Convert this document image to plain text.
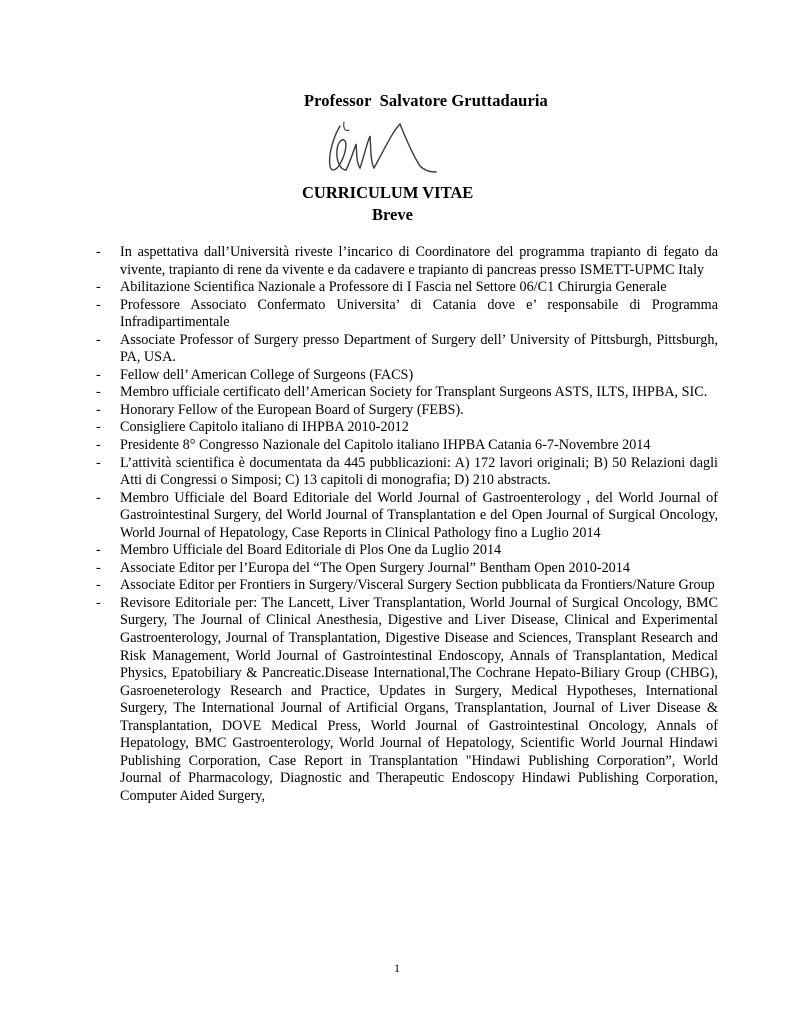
Professor  Salvatore Gruttadauria
CURRICULUM VITAE
Breve
- In aspettativa dall’Università riveste l’incarico di Coordinatore del programma trapianto di fegato da vivente, trapianto di rene da vivente e da cadavere e trapianto di pancreas presso ISMETT-UPMC Italy
- Abilitazione Scientifica Nazionale a Professore di I Fascia nel Settore 06/C1 Chirurgia Generale
- Professore Associato Confermato Universita’ di Catania dove e’ responsabile di Programma Infradipartimentale
- Associate Professor of Surgery presso Department of Surgery dell’ University of Pittsburgh, Pittsburgh, PA, USA.
- Fellow dell’ American College of Surgeons (FACS)
- Membro ufficiale certificato dell’American Society for Transplant Surgeons ASTS, ILTS, IHPBA, SIC.
- Honorary Fellow of the European Board of Surgery (FEBS).
- Consigliere Capitolo italiano di IHPBA 2010-2012
- Presidente 8° Congresso Nazionale del Capitolo italiano IHPBA Catania 6-7-Novembre 2014
- L’attività scientifica è documentata da 445 pubblicazioni: A) 172 lavori originali; B) 50 Relazioni dagli Atti di Congressi o Simposi; C) 13 capitoli di monografia; D) 210 abstracts.
- Membro Ufficiale del Board Editoriale del World Journal of Gastroenterology , del World Journal of Gastrointestinal Surgery, del World Journal of Transplantation e del Open Journal of Surgical Oncology, World Journal of Hepatology, Case Reports in Clinical Pathology fino a Luglio 2014
- Membro Ufficiale del Board Editoriale di Plos One da Luglio 2014
- Associate Editor per l’Europa del “The Open Surgery Journal” Bentham Open 2010-2014
- Associate Editor per Frontiers in Surgery/Visceral Surgery Section pubblicata da Frontiers/Nature Group
- Revisore Editoriale per: The Lancett, Liver Transplantation, World Journal of Surgical Oncology, BMC Surgery, The Journal of Clinical Anesthesia, Digestive and Liver Disease, Clinical and Experimental Gastroenterology, Journal of Transplantation, Digestive Disease and Sciences, Transplant Research and Risk Management, World Journal of Gastrointestinal Endoscopy, Annals of Transplantation, Medical Physics, Epatobiliary & Pancreatic.Disease International,The Cochrane Hepato-Biliary Group (CHBG), Gasroeneterology Research and Practice, Updates in Surgery, Medical Hypotheses, International Surgery, The International Journal of Artificial Organs, Transplantation, Journal of Liver Disease & Transplantation, DOVE Medical Press, World Journal of Gastrointestinal Oncology, Annals of Hepatology, BMC Gastroenterology, World Journal of Hepatology, Scientific World Journal Hindawi Publishing Corporation, Case Report in Transplantation "Hindawi Publishing Corporation”, World Journal of Pharmacology, Diagnostic and Therapeutic Endoscopy Hindawi Publishing Corporation, Computer Aided Surgery,
1
